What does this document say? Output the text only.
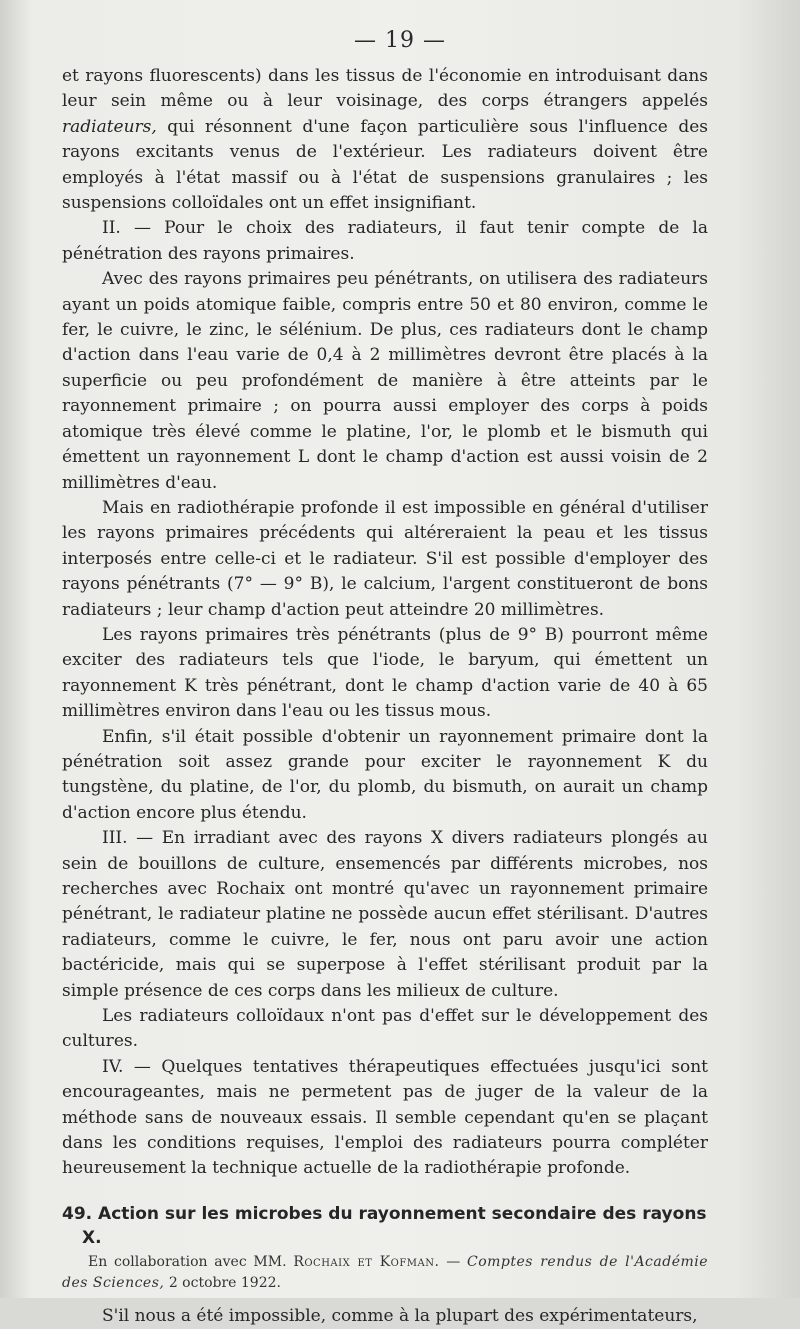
— 19 —

et rayons fluorescents) dans les tissus de l'économie en introduisant dans leur sein même ou à leur voisinage, des corps étrangers appelés radiateurs, qui résonnent d'une façon particulière sous l'influence des rayons excitants venus de l'extérieur. Les radiateurs doivent être employés à l'état massif ou à l'état de suspensions granulaires ; les suspensions colloïdales ont un effet insignifiant.

II. — Pour le choix des radiateurs, il faut tenir compte de la pénétration des rayons primaires.

Avec des rayons primaires peu pénétrants, on utilisera des radiateurs ayant un poids atomique faible, compris entre 50 et 80 environ, comme le fer, le cuivre, le zinc, le sélénium. De plus, ces radiateurs dont le champ d'action dans l'eau varie de 0,4 à 2 millimètres devront être placés à la superficie ou peu profondément de manière à être atteints par le rayonnement primaire ; on pourra aussi employer des corps à poids atomique très élevé comme le platine, l'or, le plomb et le bismuth qui émettent un rayonnement L dont le champ d'action est aussi voisin de 2 millimètres d'eau.

Mais en radiothérapie profonde il est impossible en général d'utiliser les rayons primaires précédents qui altéreraient la peau et les tissus interposés entre celle-ci et le radiateur. S'il est possible d'employer des rayons pénétrants (7° — 9° B), le calcium, l'argent constitueront de bons radiateurs ; leur champ d'action peut atteindre 20 millimètres.

Les rayons primaires très pénétrants (plus de 9° B) pourront même exciter des radiateurs tels que l'iode, le baryum, qui émettent un rayonnement K très pénétrant, dont le champ d'action varie de 40 à 65 millimètres environ dans l'eau ou les tissus mous.

Enfin, s'il était possible d'obtenir un rayonnement primaire dont la pénétration soit assez grande pour exciter le rayonnement K du tungstène, du platine, de l'or, du plomb, du bismuth, on aurait un champ d'action encore plus étendu.

III. — En irradiant avec des rayons X divers radiateurs plongés au sein de bouillons de culture, ensemencés par différents microbes, nos recherches avec Rochaix ont montré qu'avec un rayonnement primaire pénétrant, le radiateur platine ne possède aucun effet stérilisant. D'autres radiateurs, comme le cuivre, le fer, nous ont paru avoir une action bactéricide, mais qui se superpose à l'effet stérilisant produit par la simple présence de ces corps dans les milieux de culture.

Les radiateurs colloïdaux n'ont pas d'effet sur le développement des cultures.

IV. — Quelques tentatives thérapeutiques effectuées jusqu'ici sont encourageantes, mais ne permetent pas de juger de la valeur de la méthode sans de nouveaux essais. Il semble cependant qu'en se plaçant dans les conditions requises, l'emploi des radiateurs pourra compléter heureusement la technique actuelle de la radiothérapie profonde.

49. Action sur les microbes du rayonnement secondaire des rayons X.
En collaboration avec MM. Rochaix et Kofman. — Comptes rendus de l'Académie des Sciences, 2 octobre 1922.

S'il nous a été impossible, comme à la plupart des expérimentateurs,
